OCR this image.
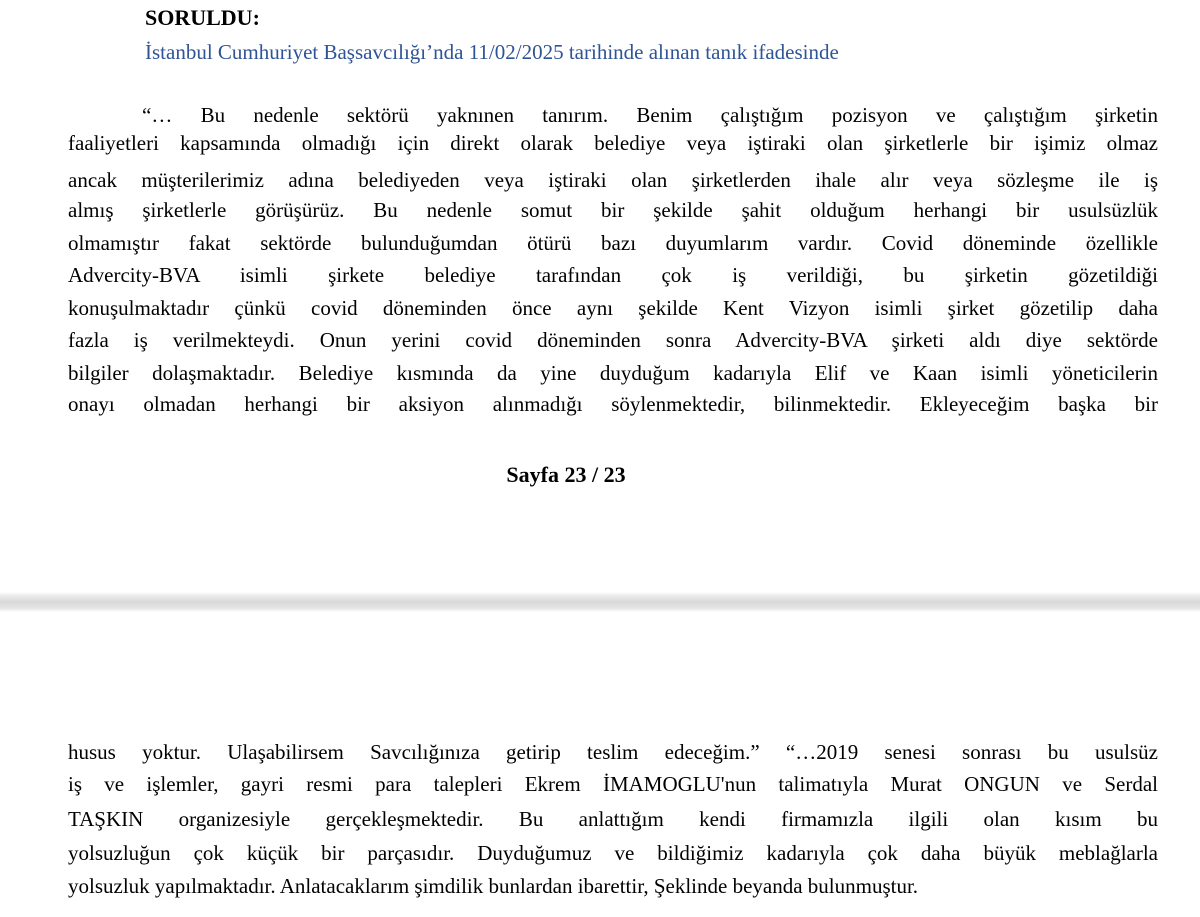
SORULDU:
İstanbul Cumhuriyet Başsavcılığı’nda 11/02/2025 tarihinde alınan tanık ifadesinde
“… Bu nedenle sektörü yaknınen tanırım. Benim çalıştığım pozisyon ve çalıştığım şirketin
faaliyetleri kapsamında olmadığı için direkt olarak belediye veya iştiraki olan şirketlerle bir işimiz olmaz
ancak müşterilerimiz adına belediyeden veya iştiraki olan şirketlerden ihale alır veya sözleşme ile iş
almış şirketlerle görüşürüz. Bu nedenle somut bir şekilde şahit olduğum herhangi bir usulsüzlük
olmamıştır fakat sektörde bulunduğumdan ötürü bazı duyumlarım vardır. Covid döneminde özellikle
Advercity-BVA isimli şirkete belediye tarafından çok iş verildiği, bu şirketin gözetildiği
konuşulmaktadır çünkü covid döneminden önce aynı şekilde Kent Vizyon isimli şirket gözetilip daha
fazla iş verilmekteydi. Onun yerini covid döneminden sonra Advercity-BVA şirketi aldı diye sektörde
bilgiler dolaşmaktadır. Belediye kısmında da yine duyduğum kadarıyla Elif ve Kaan isimli yöneticilerin
onayı olmadan herhangi bir aksiyon alınmadığı söylenmektedir, bilinmektedir. Ekleyeceğim başka bir
Sayfa 23 / 23
husus yoktur. Ulaşabilirsem Savcılığınıza getirip teslim edeceğim.” “…2019 senesi sonrası bu usulsüz
iş ve işlemler, gayri resmi para talepleri Ekrem İMAMOGLU'nun talimatıyla Murat ONGUN ve Serdal
TAŞKIN organizesiyle gerçekleşmektedir. Bu anlattığım kendi firmamızla ilgili olan kısım bu
yolsuzluğun çok küçük bir parçasıdır. Duyduğumuz ve bildiğimiz kadarıyla çok daha büyük meblağlarla
yolsuzluk yapılmaktadır. Anlatacaklarım şimdilik bunlardan ibarettir, Şeklinde beyanda bulunmuştur.
